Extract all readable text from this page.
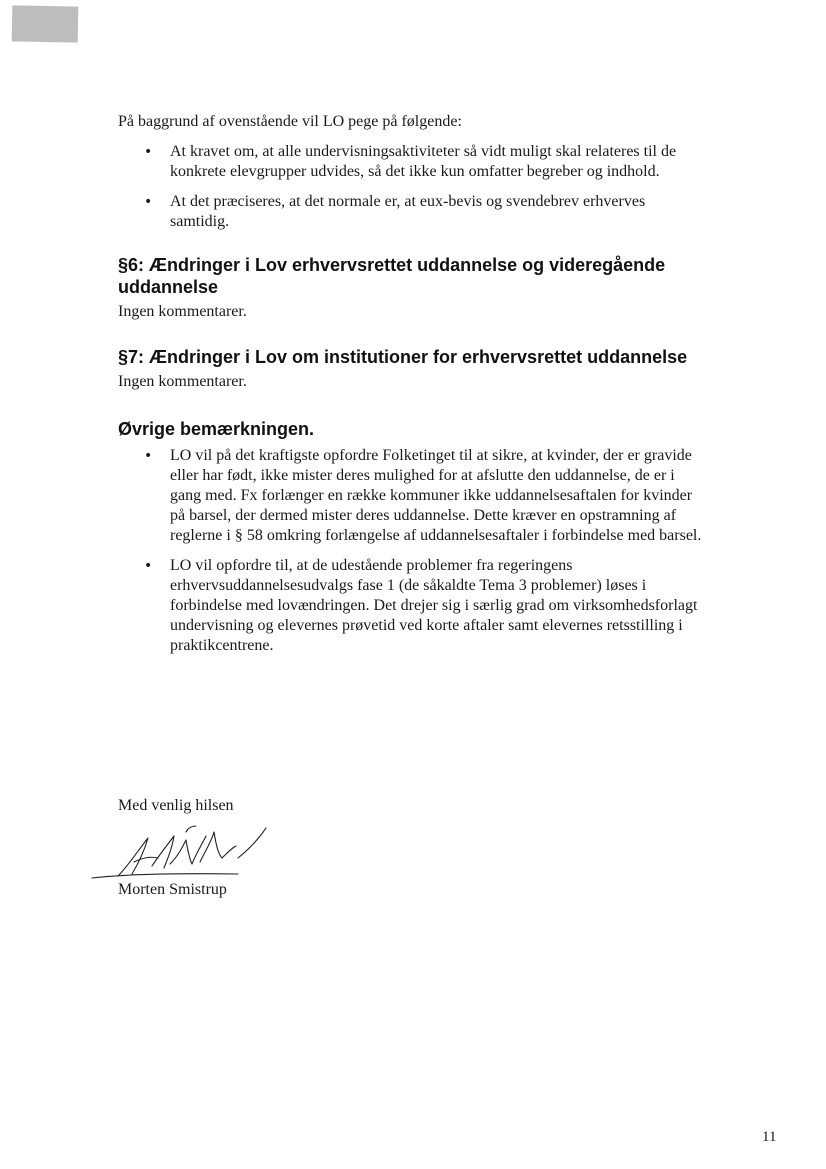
På baggrund af ovenstående vil LO pege på følgende:

• At kravet om, at alle undervisningsaktiviteter så vidt muligt skal relateres til de konkrete elevgrupper udvides, så det ikke kun omfatter begreber og indhold.
• At det præciseres, at det normale er, at eux-bevis og svendebrev erhverves samtidig.
§6: Ændringer i Lov erhvervsrettet uddannelse og videregående uddannelse

Ingen kommentarer.

§7: Ændringer i Lov om institutioner for erhvervsrettet uddannelse

Ingen kommentarer.

Øvrige bemærkningen.
• LO vil på det kraftigste opfordre Folketinget til at sikre, at kvinder, der er gravide eller har født, ikke mister deres mulighed for at afslutte den uddannelse, de er i gang med. Fx forlænger en række kommuner ikke uddannelsesaftalen for kvinder på barsel, der dermed mister deres uddannelse. Dette kræver en opstramning af reglerne i § 58 omkring forlængelse af uddannelsesaftaler i forbindelse med barsel.
• LO vil opfordre til, at de udestående problemer fra regeringens erhvervsuddannelsesudvalgs fase 1 (de såkaldte Tema 3 problemer) løses i forbindelse med lovændringen. Det drejer sig i særlig grad om virksomhedsforlagt undervisning og elevernes prøvetid ved korte aftaler samt elevernes retsstilling i praktikcentrene.

Med venlig hilsen

Morten Smistrup

11
